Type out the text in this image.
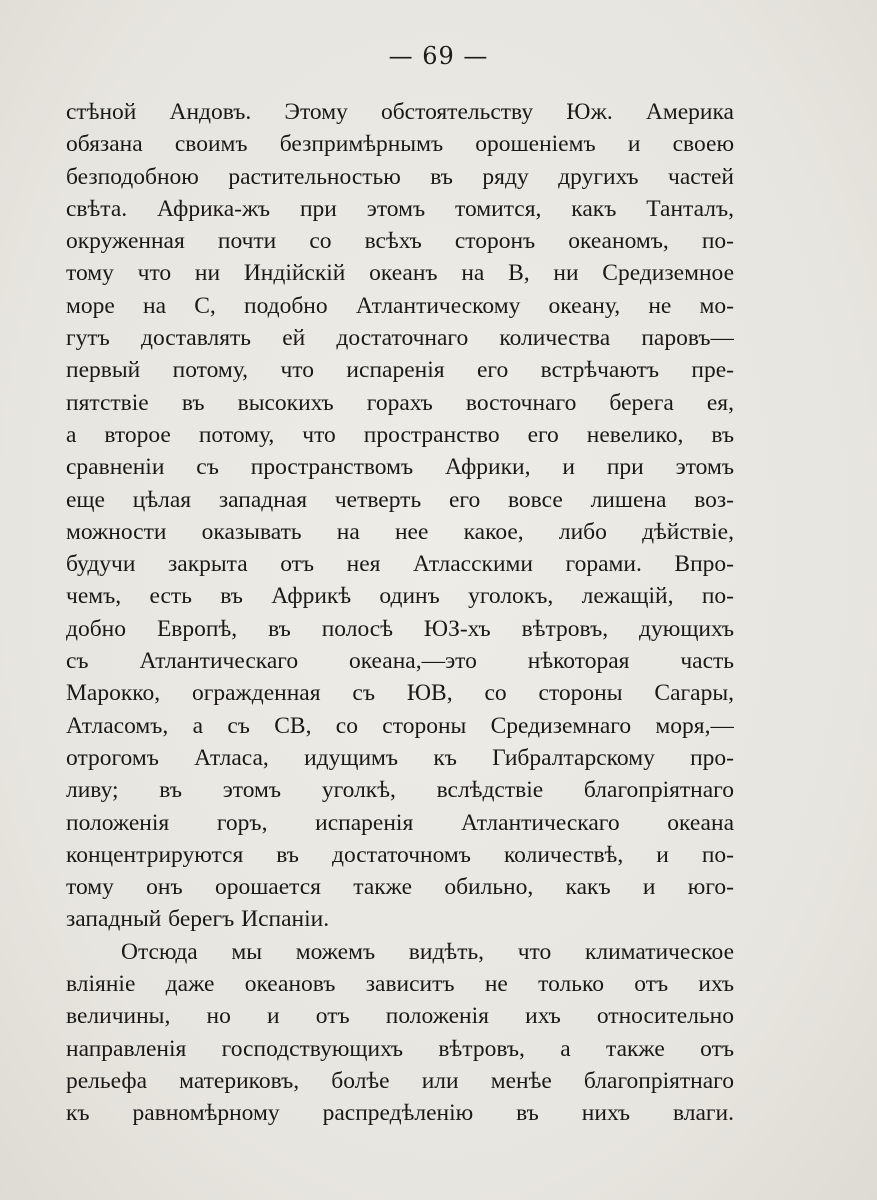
— 69 —
стѣной Андовъ. Этому обстоятельству Юж. Америка
обязана своимъ безпримѣрнымъ орошеніемъ и своею
безподобною растительностью въ ряду другихъ частей
свѣта. Африка-жъ при этомъ томится, какъ Танталъ,
окруженная почти со всѣхъ сторонъ океаномъ, по-
тому что ни Индійскій океанъ на В, ни Средиземное
море на С, подобно Атлантическому океану, не мо-
гутъ доставлять ей достаточнаго количества паровъ—
первый потому, что испаренія его встрѣчаютъ пре-
пятствіе въ высокихъ горахъ восточнаго берега ея,
а второе потому, что пространство его невелико, въ
сравненіи съ пространствомъ Африки, и при этомъ
еще цѣлая западная четверть его вовсе лишена воз-
можности оказывать на нее какое, либо дѣйствіе,
будучи закрыта отъ нея Атласскими горами. Впро-
чемъ, есть въ Африкѣ одинъ уголокъ, лежащій, по-
добно Европѣ, въ полосѣ ЮЗ-хъ вѣтровъ, дующихъ
съ Атлантическаго океана,—это нѣкоторая часть
Марокко, огражденная съ ЮВ, со стороны Сагары,
Атласомъ, а съ СВ, со стороны Средиземнаго моря,—
отрогомъ Атласа, идущимъ къ Гибралтарскому про-
ливу; въ этомъ уголкѣ, вслѣдствіе благопріятнаго
положенія горъ, испаренія Атлантическаго океана
концентрируются въ достаточномъ количествѣ, и по-
тому онъ орошается также обильно, какъ и юго-
западный берегъ Испаніи.
Отсюда мы можемъ видѣть, что климатическое
вліяніе даже океановъ зависитъ не только отъ ихъ
величины, но и отъ положенія ихъ относительно
направленія господствующихъ вѣтровъ, а также отъ
рельефа материковъ, болѣе или менѣе благопріятнаго
къ равномѣрному распредѣленію въ нихъ влаги.
